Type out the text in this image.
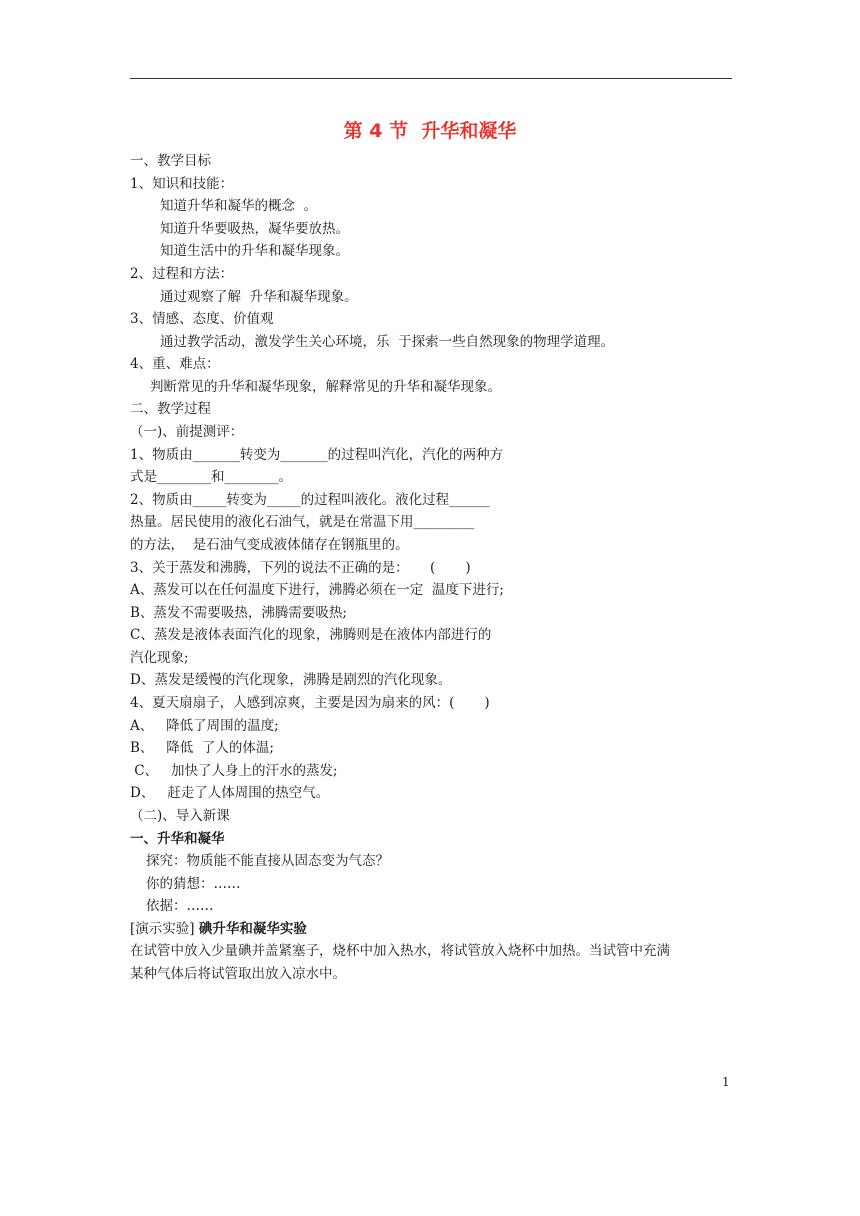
第 4 节  升华和凝华
一、教学目标
1、知识和技能：
知道升华和凝华的概念  。
知道升华要吸热，凝华要放热。
知道生活中的升华和凝华现象。
2、过程和方法：
通过观察了解  升华和凝华现象。
3、情感、态度、价值观
通过教学活动，激发学生关心环境，乐  于探索一些自然现象的物理学道理。
4、重、难点：
判断常见的升华和凝华现象，解释常见的升华和凝华现象。
二、教学过程
（一)、前提测评：
1、物质由_______转变为_______的过程叫汽化，汽化的两种方
式是________和________。
2、物质由_____转变为_____的过程叫液化。液化过程______
热量。居民使用的液化石油气，就是在常温下用_________
的方法，  是石油气变成液体储存在钢瓶里的。
3、关于蒸发和沸腾，下列的说法不正确的是：     (       )
A、蒸发可以在任何温度下进行，沸腾必须在一定  温度下进行;
B、蒸发不需要吸热，沸腾需要吸热;
C、蒸发是液体表面汽化的现象，沸腾则是在液体内部进行的
汽化现象;
D、蒸发是缓慢的汽化现象，沸腾是剧烈的汽化现象。
4、夏天扇扇子，人感到凉爽，主要是因为扇来的风：(       )
A、   降低了周围的温度;
B、   降低  了人的体温;
C、   加快了人身上的汗水的蒸发;
D、   赶走了人体周围的热空气。
（二)、导入新课
一、升华和凝华
探究：物质能不能直接从固态变为气态？
你的猜想：……
依据：……
[演示实验] 碘升华和凝华实验
在试管中放入少量碘并盖紧塞子，烧杯中加入热水，将试管放入烧杯中加热。当试管中充满
某种气体后将试管取出放入凉水中。
1
